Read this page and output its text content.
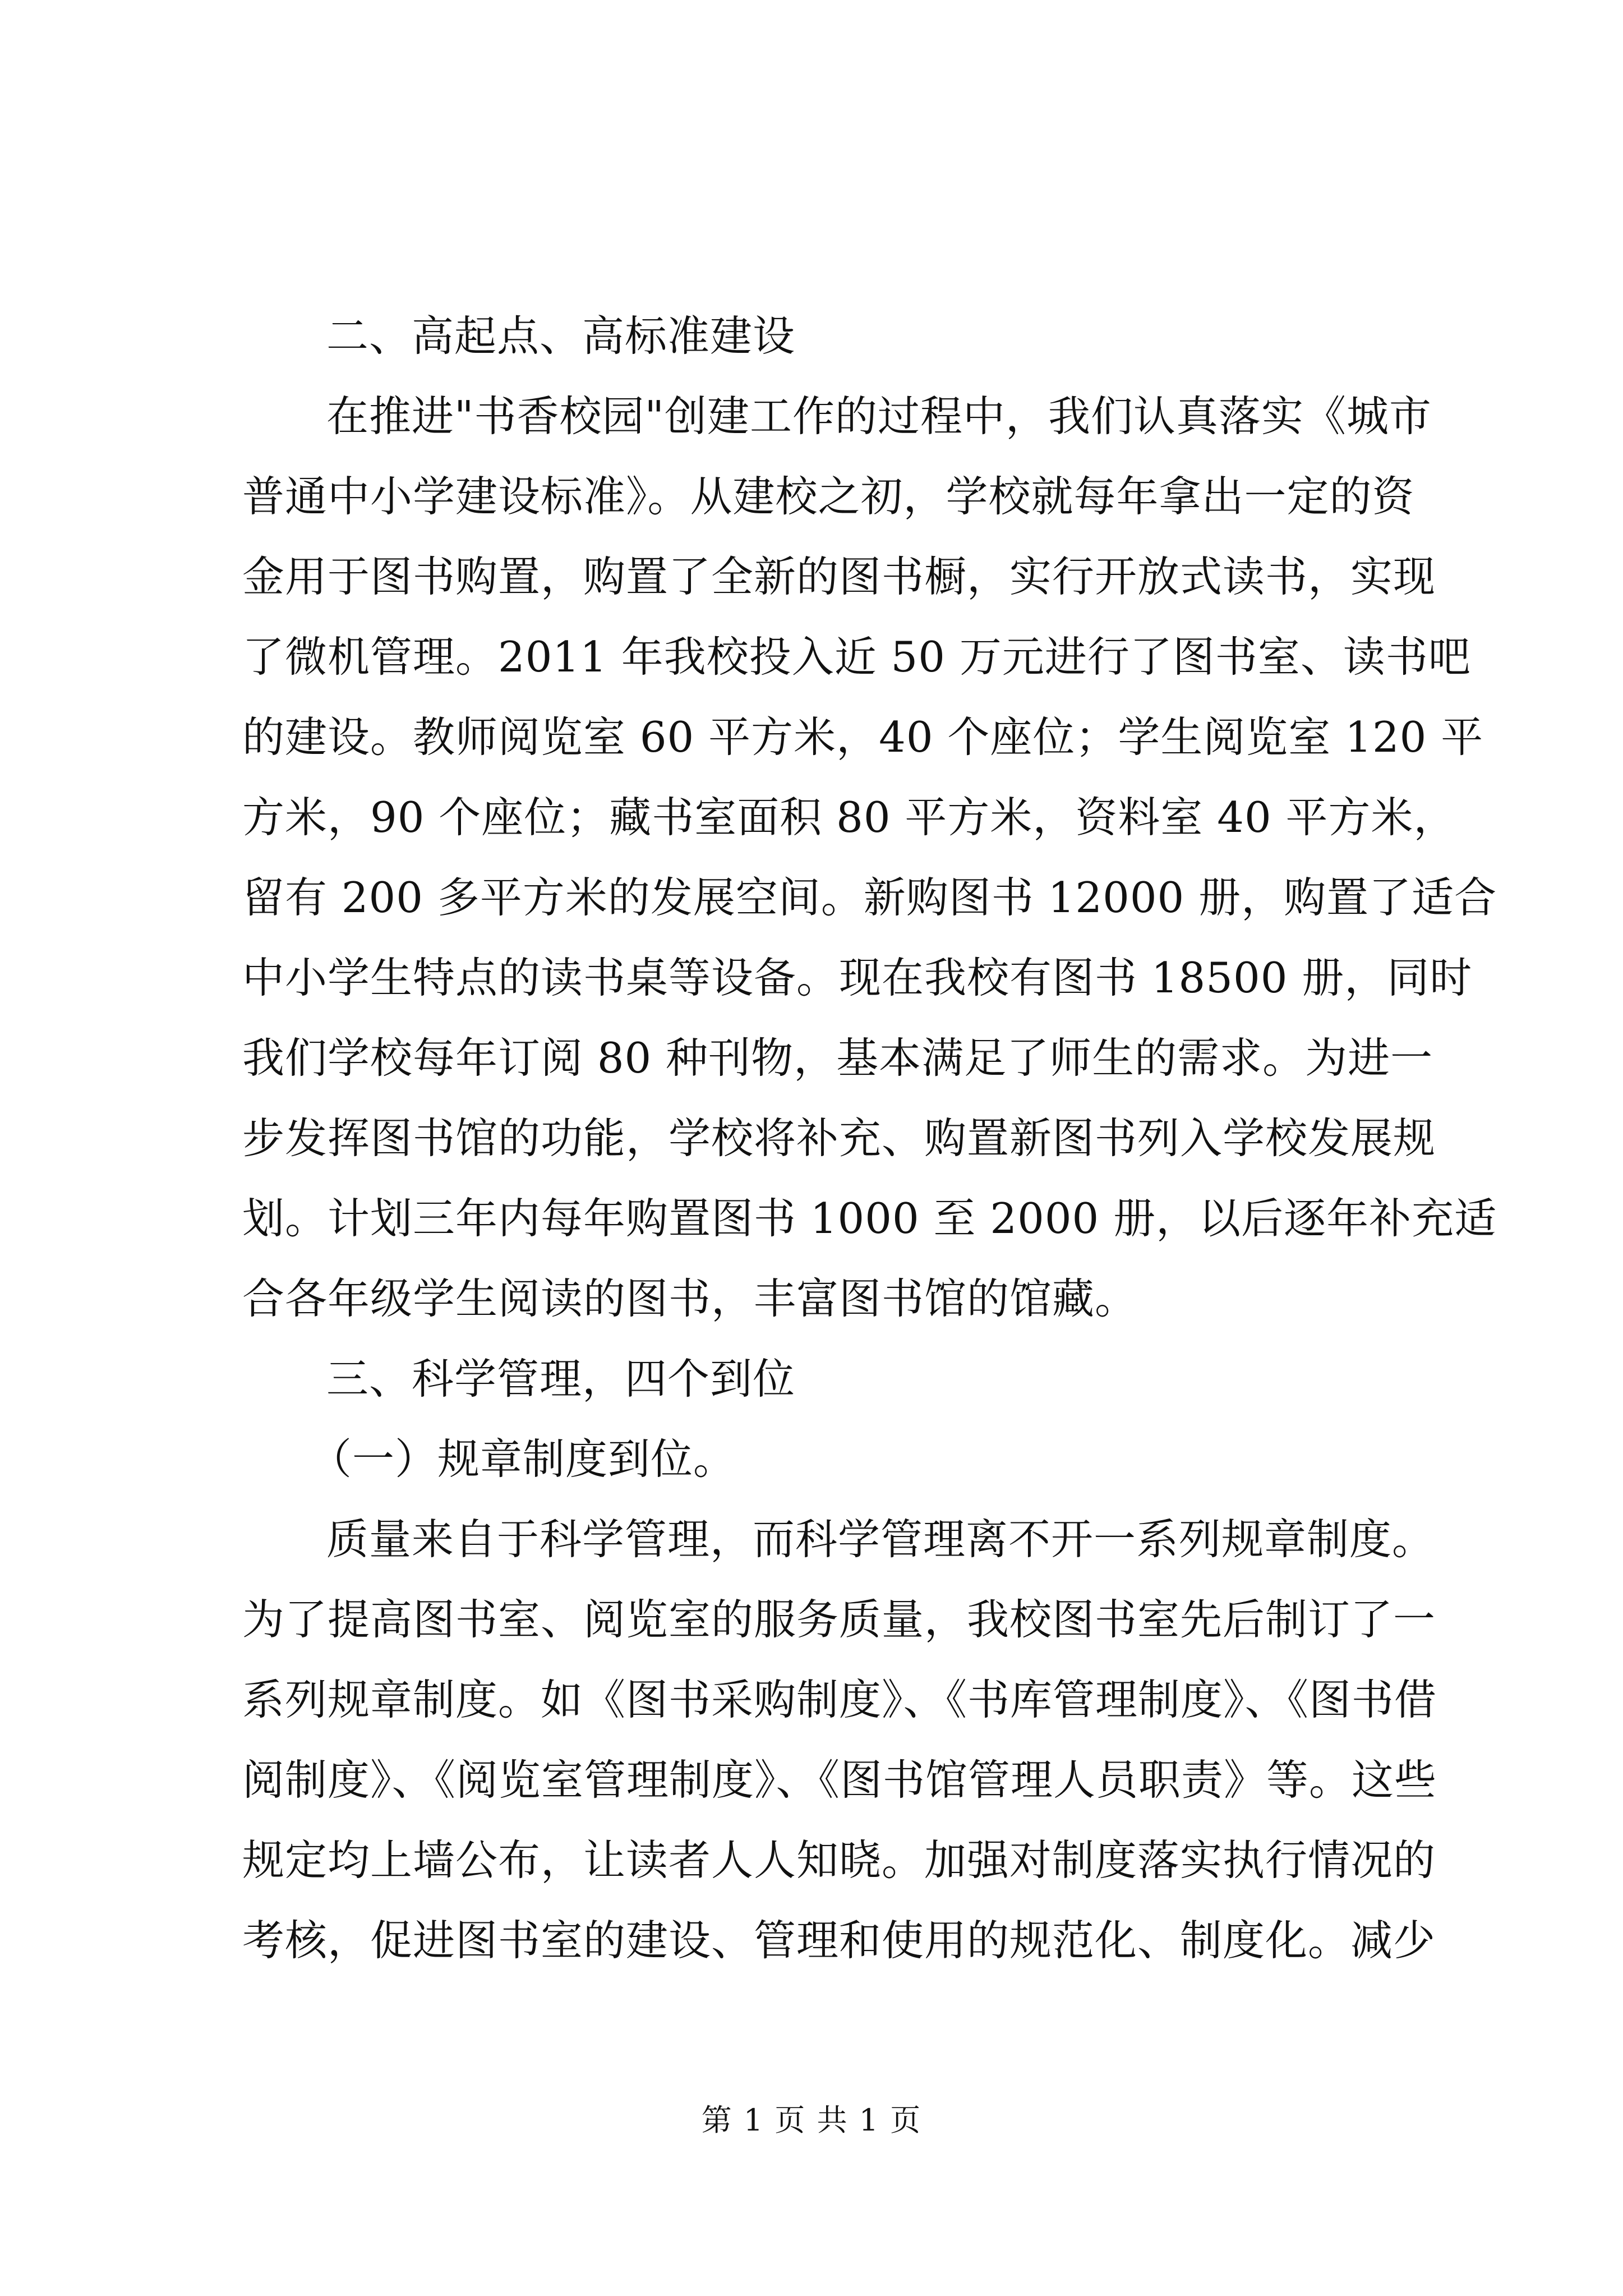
二、高起点、高标准建设
在推进"书香校园"创建工作的过程中，我们认真落实《城市
普通中小学建设标准》。从建校之初，学校就每年拿出一定的资
金用于图书购置，购置了全新的图书橱，实行开放式读书，实现
了微机管理。2011 年我校投入近 50 万元进行了图书室、读书吧
的建设。教师阅览室 60 平方米，40 个座位；学生阅览室 120 平
方米，90 个座位；藏书室面积 80 平方米，资料室 40 平方米，
留有 200 多平方米的发展空间。新购图书 12000 册，购置了适合
中小学生特点的读书桌等设备。现在我校有图书 18500 册，同时
我们学校每年订阅 80 种刊物，基本满足了师生的需求。为进一
步发挥图书馆的功能，学校将补充、购置新图书列入学校发展规
划。计划三年内每年购置图书 1000 至 2000 册，以后逐年补充适
合各年级学生阅读的图书，丰富图书馆的馆藏。
三、科学管理，四个到位
（一）规章制度到位。
质量来自于科学管理，而科学管理离不开一系列规章制度。
为了提高图书室、阅览室的服务质量，我校图书室先后制订了一
系列规章制度。如《图书采购制度》、《书库管理制度》、《图书借
阅制度》、《阅览室管理制度》、《图书馆管理人员职责》等。这些
规定均上墙公布，让读者人人知晓。加强对制度落实执行情况的
考核，促进图书室的建设、管理和使用的规范化、制度化。减少
第 1 页 共 1 页
